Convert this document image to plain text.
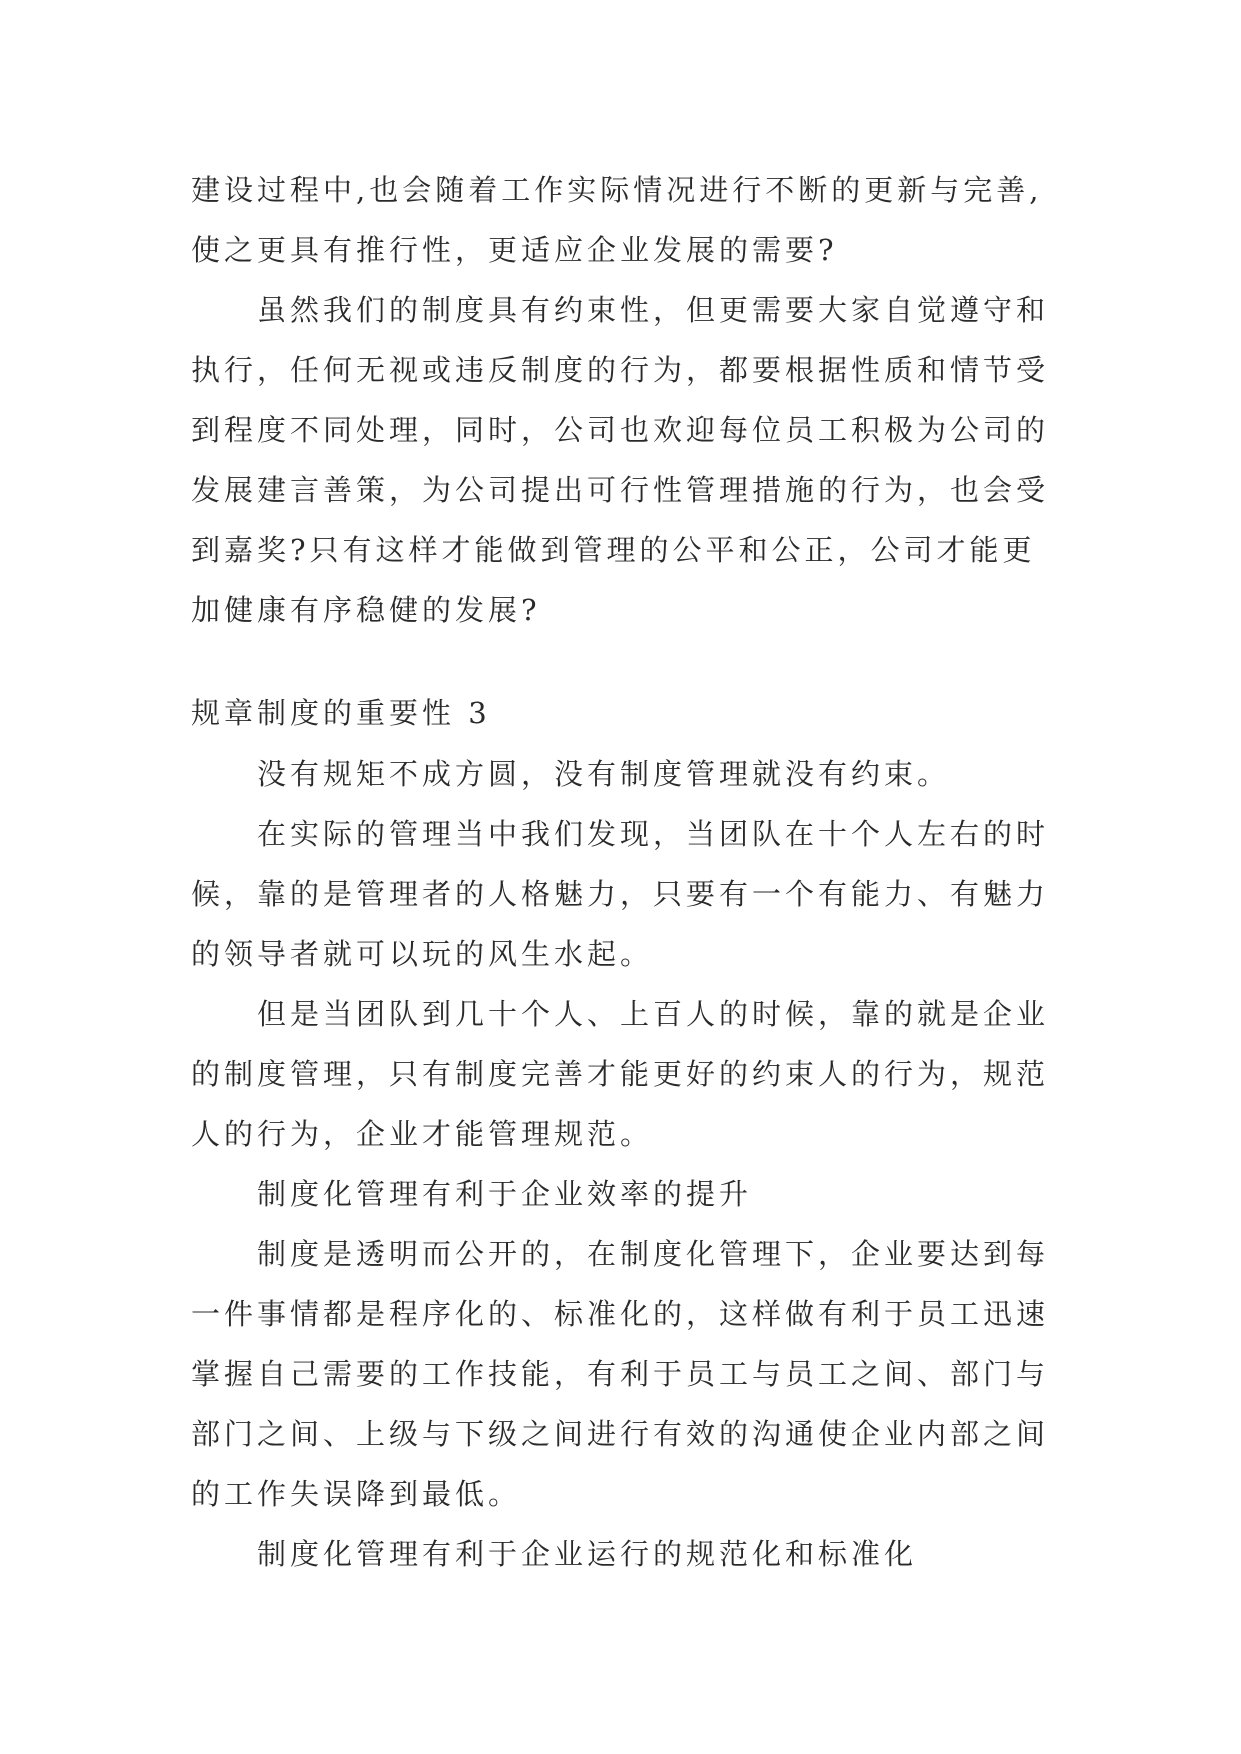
建设过程中,也会随着工作实际情况进行不断的更新与完善,
使之更具有推行性，更适应企业发展的需要?
虽然我们的制度具有约束性，但更需要大家自觉遵守和
执行，任何无视或违反制度的行为，都要根据性质和情节受
到程度不同处理，同时，公司也欢迎每位员工积极为公司的
发展建言善策，为公司提出可行性管理措施的行为，也会受
到嘉奖?只有这样才能做到管理的公平和公正，公司才能更
加健康有序稳健的发展?
规章制度的重要性 3
没有规矩不成方圆，没有制度管理就没有约束。
在实际的管理当中我们发现，当团队在十个人左右的时
候，靠的是管理者的人格魅力，只要有一个有能力、有魅力
的领导者就可以玩的风生水起。
但是当团队到几十个人、上百人的时候，靠的就是企业
的制度管理，只有制度完善才能更好的约束人的行为，规范
人的行为，企业才能管理规范。
制度化管理有利于企业效率的提升
制度是透明而公开的，在制度化管理下，企业要达到每
一件事情都是程序化的、标准化的，这样做有利于员工迅速
掌握自己需要的工作技能，有利于员工与员工之间、部门与
部门之间、上级与下级之间进行有效的沟通使企业内部之间
的工作失误降到最低。
制度化管理有利于企业运行的规范化和标准化
